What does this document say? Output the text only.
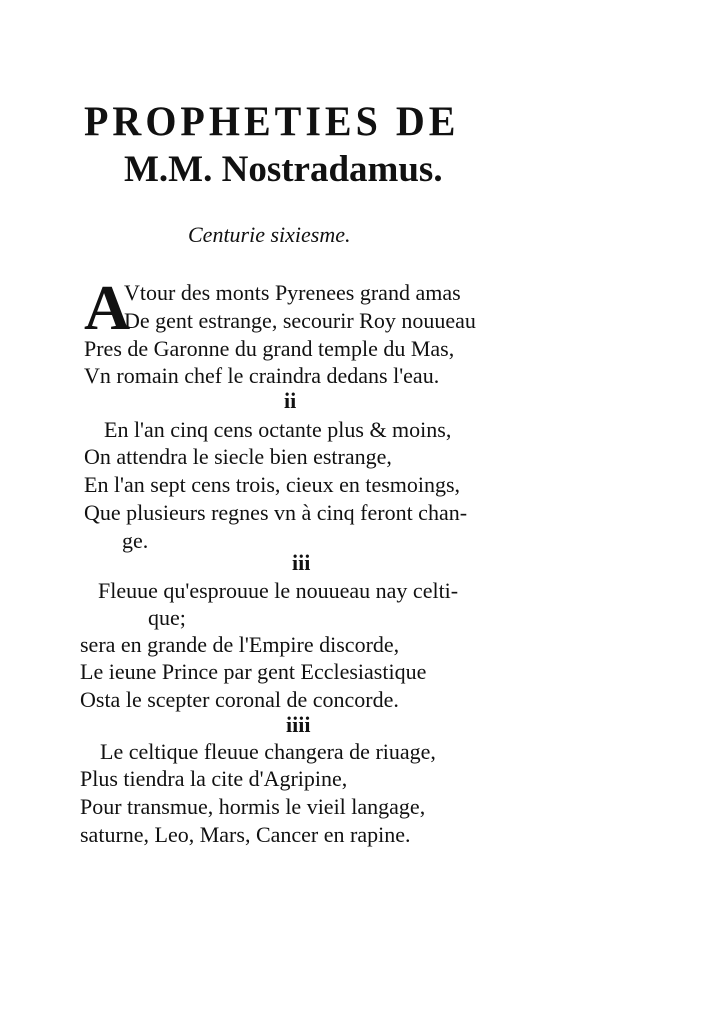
PROPHETIES DE
M.M. Nostradamus.
Centurie sixiesme.
A
Vtour des monts Pyrenees grand amas
De gent estrange, secourir Roy nouueau
Pres de Garonne du grand temple du Mas,
Vn romain chef le craindra dedans l'eau.
ii
En l'an cinq cens octante plus & moins,
On attendra le siecle bien estrange,
En l'an sept cens trois, cieux en tesmoings,
Que plusieurs regnes vn à cinq feront chan-
ge.
iii
Fleuue qu'esprouue le nouueau nay celti-
que;
sera en grande de l'Empire discorde,
Le ieune Prince par gent Ecclesiastique
Osta le scepter coronal de concorde.
iiii
Le celtique fleuue changera de riuage,
Plus tiendra la cite d'Agripine,
Pour transmue, hormis le vieil langage,
saturne, Leo, Mars, Cancer en rapine.
